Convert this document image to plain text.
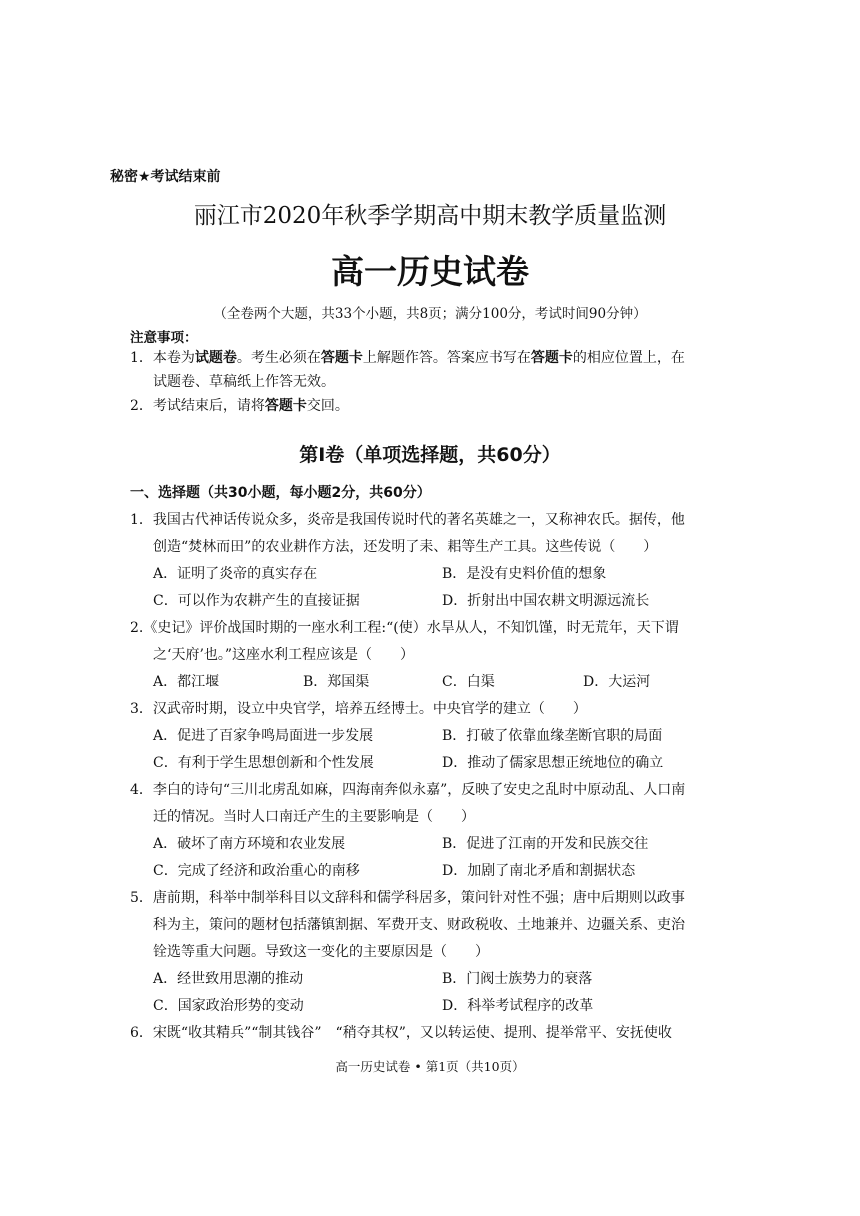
秘密★考试结束前
丽江市2020年秋季学期高中期末教学质量监测
高一历史试卷
（全卷两个大题，共33个小题，共8页；满分100分，考试时间90分钟）
注意事项：
1．本卷为试题卷。考生必须在答题卡上解题作答。答案应书写在答题卡的相应位置上，在
试题卷、草稿纸上作答无效。
2．考试结束后，请将答题卡交回。
第Ⅰ卷（单项选择题，共60分）
一、选择题（共30小题，每小题2分，共60分）
1．我国古代神话传说众多，炎帝是我国传说时代的著名英雄之一，又称神农氏。据传，他
创造“焚林而田”的农业耕作方法，还发明了耒、耜等生产工具。这些传说（　　）
A．证明了炎帝的真实存在	B．是没有史料价值的想象
C．可以作为农耕产生的直接证据	D．折射出中国农耕文明源远流长
2.《史记》评价战国时期的一座水利工程:“(使）水旱从人，不知饥馑，时无荒年，天下谓
之‘天府’也。”这座水利工程应该是（　　）
A．都江堰	B．郑国渠	C．白渠	D．大运河
3．汉武帝时期，设立中央官学，培养五经博士。中央官学的建立（　　）
A．促进了百家争鸣局面进一步发展	B．打破了依靠血缘垄断官职的局面
C．有利于学生思想创新和个性发展	D．推动了儒家思想正统地位的确立
4．李白的诗句“三川北虏乱如麻，四海南奔似永嘉”，反映了安史之乱时中原动乱、人口南
迁的情况。当时人口南迁产生的主要影响是（　　）
A．破坏了南方环境和农业发展	B．促进了江南的开发和民族交往
C．完成了经济和政治重心的南移	D．加剧了南北矛盾和割据状态
5．唐前期，科举中制举科目以文辞科和儒学科居多，策问针对性不强；唐中后期则以政事
科为主，策问的题材包括藩镇割据、军费开支、财政税收、土地兼并、边疆关系、吏治
铨选等重大问题。导致这一变化的主要原因是（　　）
A．经世致用思潮的推动	B．门阀士族势力的衰落
C．国家政治形势的变动	D．科举考试程序的改革
6．宋既“收其精兵”“制其钱谷”　“稍夺其权”，又以转运使、提刑、提举常平、安抚使收
高一历史试卷 • 第1页（共10页）
